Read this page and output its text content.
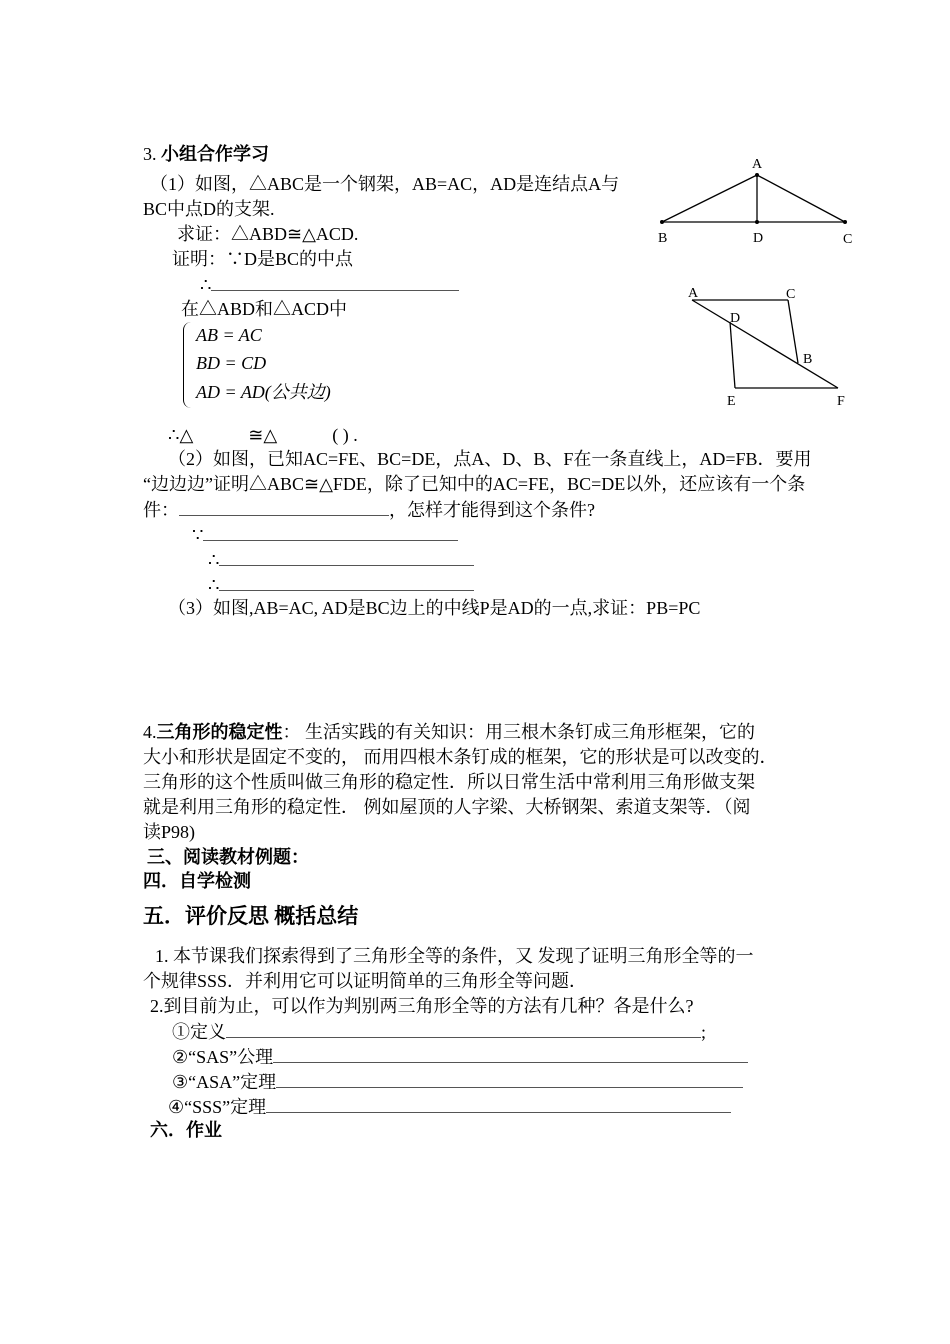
3. 小组合作学习
（1）如图，△ABC是一个钢架，AB=AC，AD是连结点A与
BC中点D的支架.
求证：△ABD≅△ACD.
证明：∵D是BC的中点
∴
在△ABD和△ACD中
AB = AC
BD = CD
AD = AD(公共边)
∴△	≅△	( ) .
（2）如图，已知AC=FE、BC=DE，点A、D、B、F在一条直线上，AD=FB．要用
“边边边”证明△ABC≅△FDE，除了已知中的AC=FE，BC=DE以外，还应该有一个条
件：	，怎样才能得到这个条件?
∵
∴
∴
（3）如图,AB=AC, AD是BC边上的中线P是AD的一点,求证：PB=PC
A
B	D	C
A	C
D
B
E	F
4.三角形的稳定性： 生活实践的有关知识：用三根木条钉成三角形框架，它的
大小和形状是固定不变的， 而用四根木条钉成的框架，它的形状是可以改变的．
三角形的这个性质叫做三角形的稳定性．所以日常生活中常利用三角形做支架
就是利用三角形的稳定性． 例如屋顶的人字梁、大桥钢架、索道支架等．（阅
读P98)
三、阅读教材例题：
四．自学检测
五．评价反思 概括总结
1. 本节课我们探索得到了三角形全等的条件，又 发现了证明三角形全等的一
个规律SSS．并利用它可以证明简单的三角形全等问题．
2.到目前为止，可以作为判别两三角形全等的方法有几种？各是什么?
①定义	;
②“SAS”公理
③“ASA”定理
④“SSS”定理
六．作业
